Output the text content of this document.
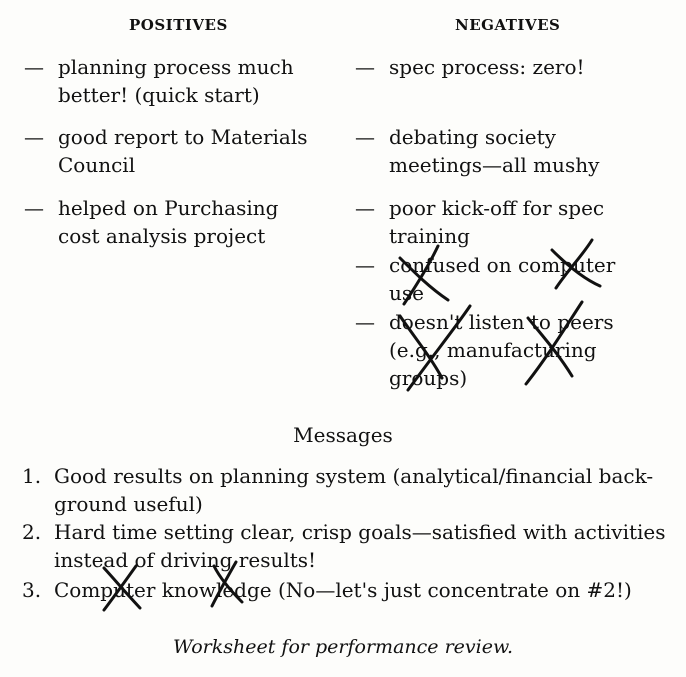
POSITIVES	NEGATIVES
— planning process much
better! (quick start)
— good report to Materials
Council
— helped on Purchasing
cost analysis project
— spec process: zero!
— debating society
meetings—all mushy
— poor kick-off for spec
training
— confused on computer
use
— doesn't listen to peers
(e.g., manufacturing
groups)
Messages
1. Good results on planning system (analytical/financial back-
ground useful)
2. Hard time setting clear, crisp goals—satisfied with activities
instead of driving results!
3. Computer knowledge (No—let's just concentrate on #2!)
Worksheet for performance review.
